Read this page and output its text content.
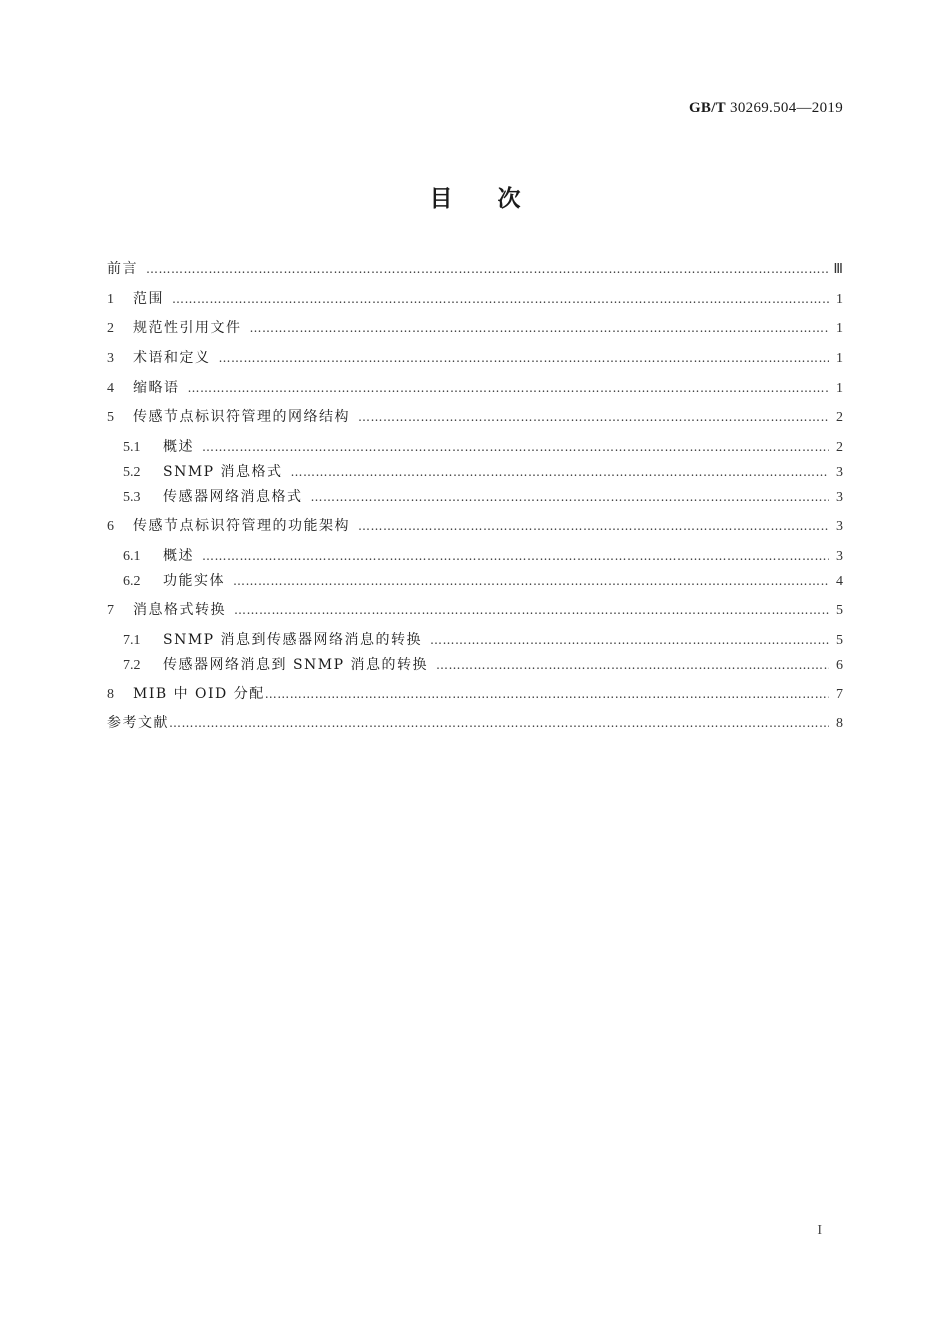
GB/T 30269.504—2019
目次
前言 …………………………………………………………………………………………………………………………………………………………………………………………………………	Ⅲ
1	范围 …………………………………………………………………………………………………………………………………………………………………………………………………………	1
2	规范性引用文件 …………………………………………………………………………………………………………………………………………………………………………………………………………	1
3	术语和定义 …………………………………………………………………………………………………………………………………………………………………………………………………………	1
4	缩略语 …………………………………………………………………………………………………………………………………………………………………………………………………………	1
5	传感节点标识符管理的网络结构 …………………………………………………………………………………………………………………………………………………………………………………………………………	2
5.1	概述 …………………………………………………………………………………………………………………………………………………………………………………………………………	2
5.2	SNMP 消息格式 …………………………………………………………………………………………………………………………………………………………………………………………………………	3
5.3	传感器网络消息格式 …………………………………………………………………………………………………………………………………………………………………………………………………………	3
6	传感节点标识符管理的功能架构 …………………………………………………………………………………………………………………………………………………………………………………………………………	3
6.1	概述 …………………………………………………………………………………………………………………………………………………………………………………………………………	3
6.2	功能实体 …………………………………………………………………………………………………………………………………………………………………………………………………………	4
7	消息格式转换 …………………………………………………………………………………………………………………………………………………………………………………………………………	5
7.1	SNMP 消息到传感器网络消息的转换 …………………………………………………………………………………………………………………………………………………………………………………………………………	5
7.2	传感器网络消息到 SNMP 消息的转换 …………………………………………………………………………………………………………………………………………………………………………………………………………	6
8	MIB 中 OID 分配 …………………………………………………………………………………………………………………………………………………………………………………………………………	7
参考文献 …………………………………………………………………………………………………………………………………………………………………………………………………………	8
I
